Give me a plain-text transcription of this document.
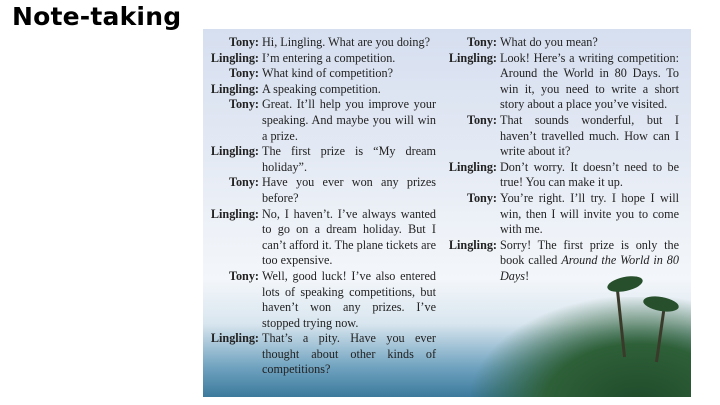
Note-taking
Tony: Hi, Lingling. What are you doing?
Lingling: I’m entering a competition.
Tony: What kind of competition?
Lingling: A speaking competition.
Tony: Great. It’ll help you improve your speaking. And maybe you will win a prize.
Lingling: The first prize is “My dream holiday”.
Tony: Have you ever won any prizes before?
Lingling: No, I haven’t. I’ve always wanted to go on a dream holiday. But I can’t afford it. The plane tickets are too expensive.
Tony: Well, good luck! I’ve also entered lots of speaking competitions, but haven’t won any prizes. I’ve stopped trying now.
Lingling: That’s a pity. Have you ever thought about other kinds of competitions?
Tony: What do you mean?
Lingling: Look! Here’s a writing competition: Around the World in 80 Days. To win it, you need to write a short story about a place you’ve visited.
Tony: That sounds wonderful, but I haven’t travelled much. How can I write about it?
Lingling: Don’t worry. It doesn’t need to be true! You can make it up.
Tony: You’re right. I’ll try. I hope I will win, then I will invite you to come with me.
Lingling: Sorry! The first prize is only the book called Around the World in 80 Days!
